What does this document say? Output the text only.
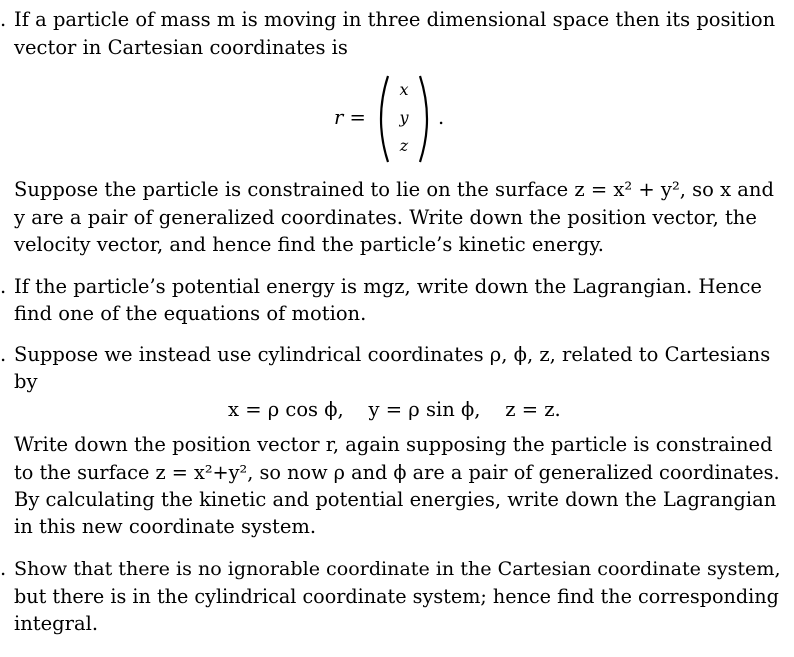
. If a particle of mass m is moving in three dimensional space then its position
vector in Cartesian coordinates is
r =
x
y
z
.
Suppose the particle is constrained to lie on the surface z = x² + y², so x and
y are a pair of generalized coordinates. Write down the position vector, the
velocity vector, and hence find the particle’s kinetic energy.
. If the particle’s potential energy is mgz, write down the Lagrangian. Hence
find one of the equations of motion.
. Suppose we instead use cylindrical coordinates ρ, ϕ, z, related to Cartesians
by
x = ρ cos ϕ,    y = ρ sin ϕ,    z = z.
Write down the position vector r, again supposing the particle is constrained
to the surface z = x²+y², so now ρ and ϕ are a pair of generalized coordinates.
By calculating the kinetic and potential energies, write down the Lagrangian
in this new coordinate system.
. Show that there is no ignorable coordinate in the Cartesian coordinate system,
but there is in the cylindrical coordinate system; hence find the corresponding
integral.
